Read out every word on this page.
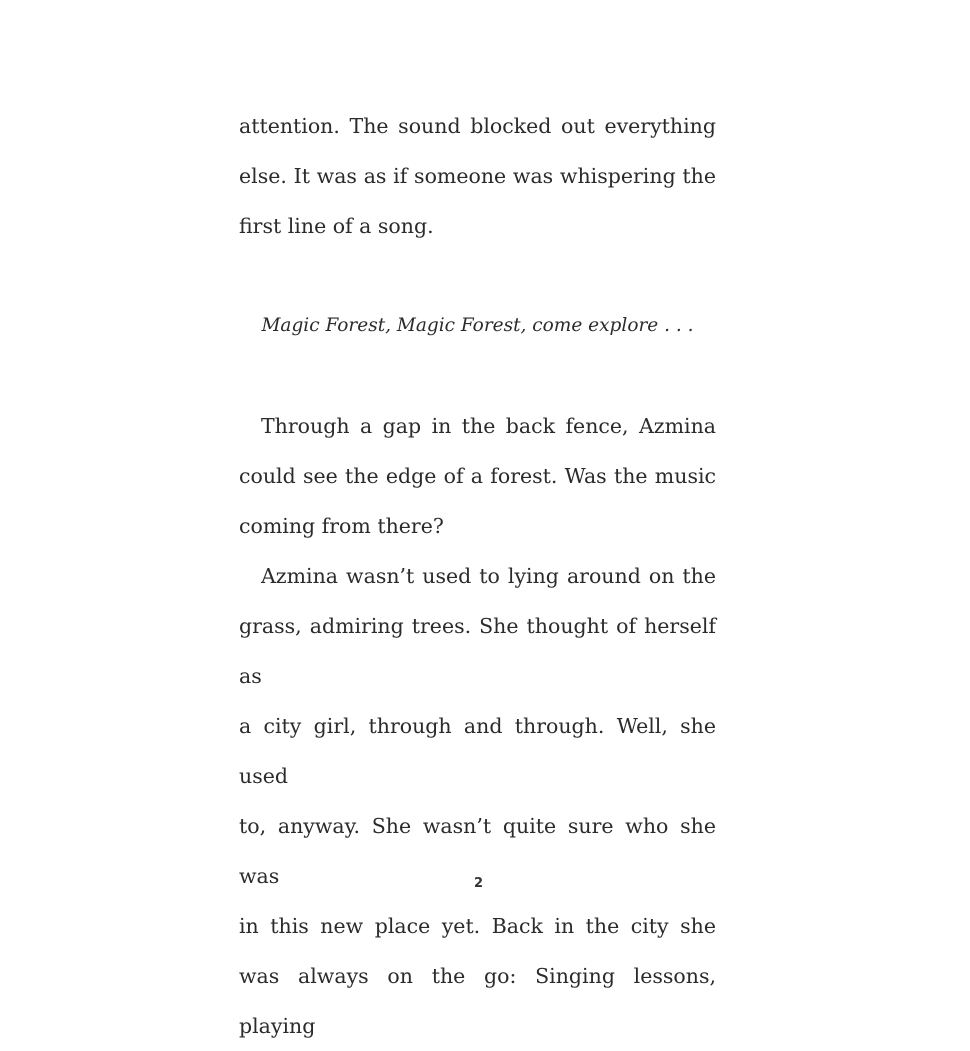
attention. The sound blocked out everything
else. It was as if someone was whispering the
first line of a song.
Magic Forest, Magic Forest, come explore . . .
Through a gap in the back fence, Azmina
could see the edge of a forest. Was the music
coming from there?
Azmina wasn’t used to lying around on the
grass, admiring trees. She thought of herself as
a city girl, through and through. Well, she used
to, anyway. She wasn’t quite sure who she was
in this new place yet. Back in the city she
was always on the go: Singing lessons, playing
2
